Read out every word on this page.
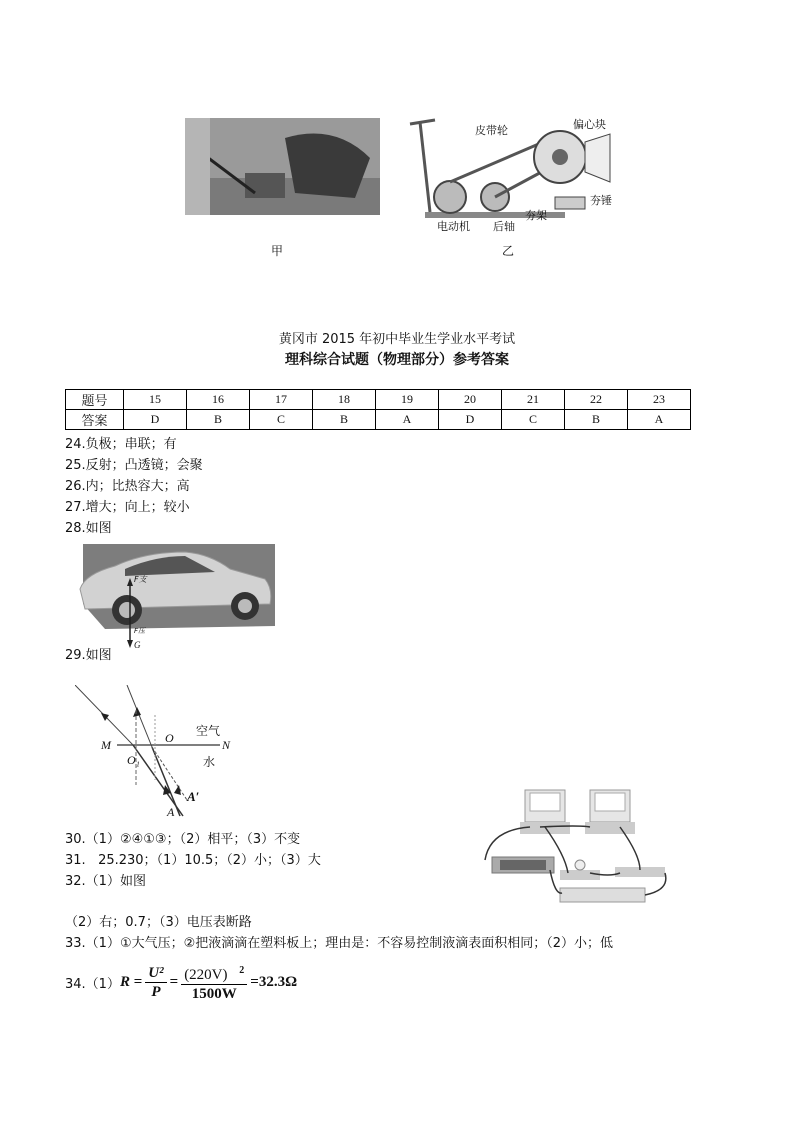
甲
皮带轮	偏心块
夯架
夯锤
电动机 后轴
乙
黄冈市 2015 年初中毕业生学业水平考试
理科综合试题（物理部分）参考答案
题号	15	16	17	18	19	20	21	22	23
答案	D	B	C	B	A	D	C	B	A
24.负极；串联；有
25.反射；凸透镜；会聚
26.内；比热容大；高
27.增大；向上；较小
28.如图
F支
F压
G
29.如图
空气
水
M	N
O
O₁
A′
A
30.（1）②④①③；（2）相平；（3）不变
31.   25.230；（1）10.5；（2）小；（3）大
32.（1）如图
（2）右；0.7；（3）电压表断路
33.（1）①大气压；②把液滴滴在塑料板上；理由是：不容易控制液滴表面积相同；（2）小；低
34.（1） $R = \frac{\text{U²}}{P} = \frac{(220V) ^2}{1500W} = 32.3\Omega$
